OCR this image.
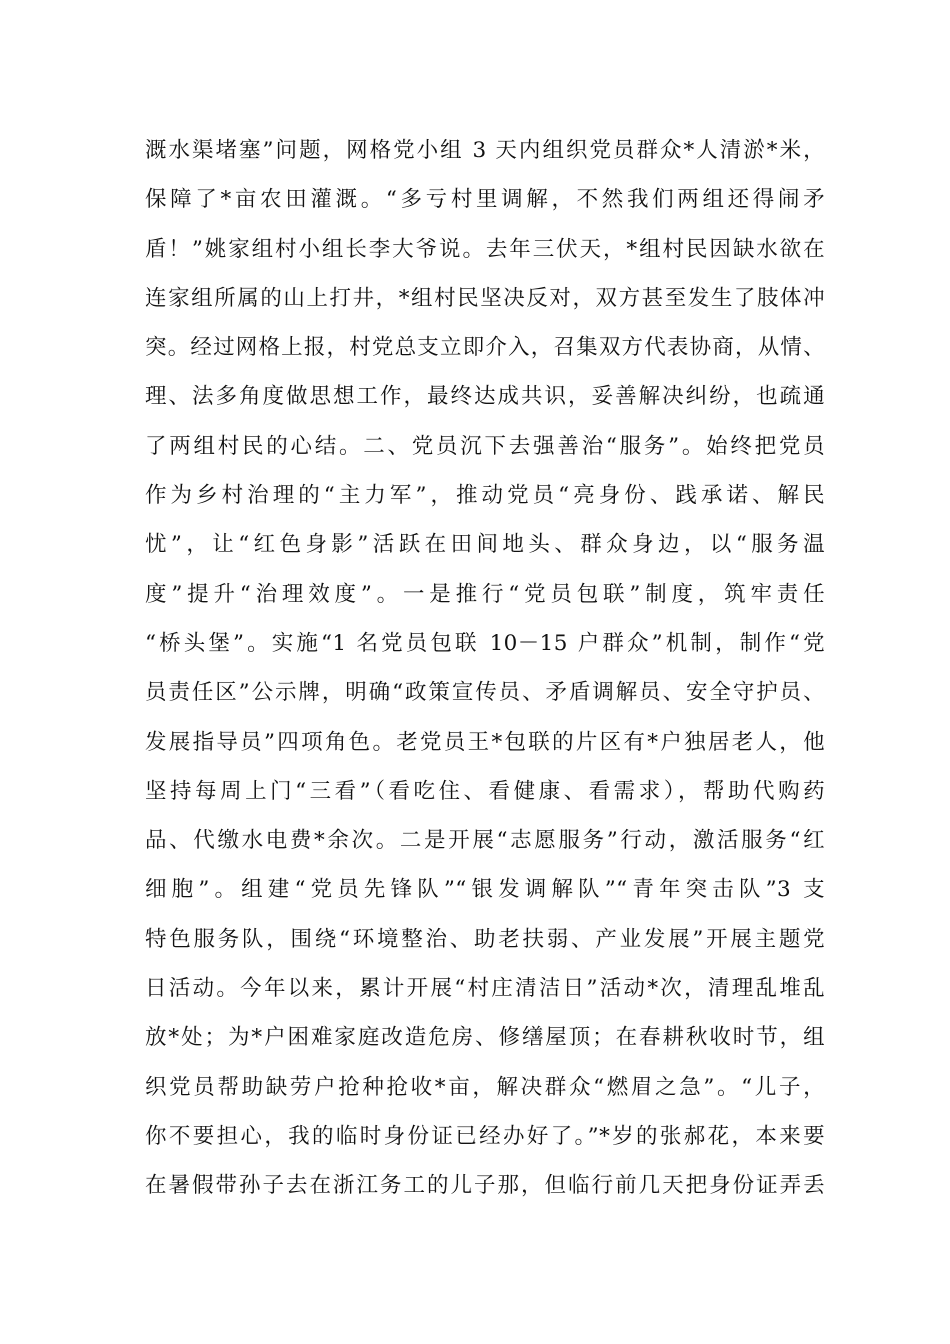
溉水渠堵塞”问题，网格党小组 3 天内组织党员群众*人清淤*米，
保障了*亩农田灌溉。“多亏村里调解，不然我们两组还得闹矛
盾！”姚家组村小组长李大爷说。去年三伏天，*组村民因缺水欲在
连家组所属的山上打井，*组村民坚决反对，双方甚至发生了肢体冲
突。经过网格上报，村党总支立即介入，召集双方代表协商，从情、
理、法多角度做思想工作，最终达成共识，妥善解决纠纷，也疏通
了两组村民的心结。二、党员沉下去强善治“服务”。始终把党员
作为乡村治理的“主力军”，推动党员“亮身份、践承诺、解民
忧”，让“红色身影”活跃在田间地头、群众身边，以“服务温
度”提升“治理效度”。一是推行“党员包联”制度，筑牢责任
“桥头堡”。实施“1 名党员包联 10－15 户群众”机制，制作“党
员责任区”公示牌，明确“政策宣传员、矛盾调解员、安全守护员、
发展指导员”四项角色。老党员王*包联的片区有*户独居老人，他
坚持每周上门“三看”（看吃住、看健康、看需求），帮助代购药
品、代缴水电费*余次。二是开展“志愿服务”行动，激活服务“红
细胞”。组建“党员先锋队”“银发调解队”“青年突击队”3 支
特色服务队，围绕“环境整治、助老扶弱、产业发展”开展主题党
日活动。今年以来，累计开展“村庄清洁日”活动*次，清理乱堆乱
放*处；为*户困难家庭改造危房、修缮屋顶；在春耕秋收时节，组
织党员帮助缺劳户抢种抢收*亩，解决群众“燃眉之急”。“儿子，
你不要担心，我的临时身份证已经办好了。”*岁的张郝花，本来要
在暑假带孙子去在浙江务工的儿子那，但临行前几天把身份证弄丢
